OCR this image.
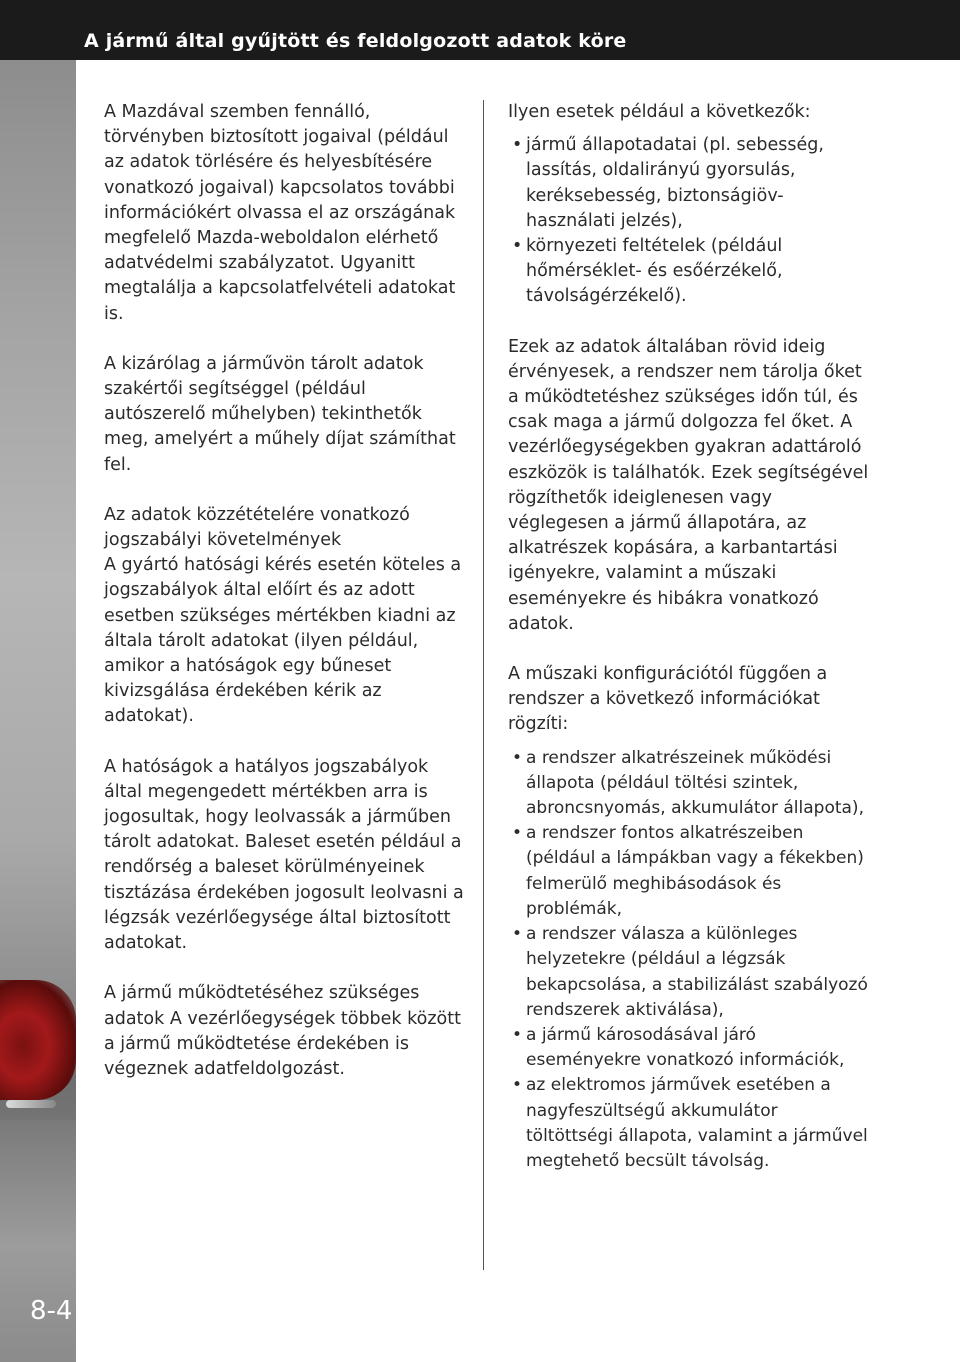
A jármű által gyűjtött és feldolgozott adatok köre
8-4

A Mazdával szemben fennálló, törvényben biztosított jogaival (például az adatok törlésére és helyesbítésére vonatkozó jogaival) kapcsolatos további információkért olvassa el az országának megfelelő Mazda-weboldalon elérhető adatvédelmi szabályzatot. Ugyanitt megtalálja a kapcsolatfelvételi adatokat is.

A kizárólag a járművön tárolt adatok szakértői segítséggel (például autószerelő műhelyben) tekinthetők meg, amelyért a műhely díjat számíthat fel.

Az adatok közzétételére vonatkozó
jogszabályi követelmények

A gyártó hatósági kérés esetén köteles a jogszabályok által előírt és az adott esetben szükséges mértékben kiadni az általa tárolt adatokat (ilyen például, amikor a hatóságok egy bűneset kivizsgálása érdekében kérik az adatokat).

A hatóságok a hatályos jogszabályok által megengedett mértékben arra is jogosultak, hogy leolvassák a járműben tárolt adatokat. Baleset esetén például a rendőrség a baleset körülményeinek tisztázása érdekében jogosult leolvasni a légzsák vezérlőegysége által biztosított adatokat.

A jármű működtetéséhez szükséges adatok A vezérlőegységek többek között a jármű működtetése érdekében is végeznek adatfeldolgozást.

Ilyen esetek például a következők:

• jármű állapotadatai (pl. sebesség, lassítás, oldalirányú gyorsulás, keréksebesség, biztonságiöv-használati jelzés),
• környezeti feltételek (például hőmérséklet- és esőérzékelő, távolságérzékelő).

Ezek az adatok általában rövid ideig érvényesek, a rendszer nem tárolja őket a működtetéshez szükséges időn túl, és csak maga a jármű dolgozza fel őket. A vezérlőegységekben gyakran adattároló eszközök is találhatók. Ezek segítségével rögzíthetők ideiglenesen vagy véglegesen a jármű állapotára, az alkatrészek kopására, a karbantartási igényekre, valamint a műszaki eseményekre és hibákra vonatkozó adatok.

A műszaki konfigurációtól függően a rendszer a következő információkat rögzíti:

• a rendszer alkatrészeinek működési állapota (például töltési szintek, abroncsnyomás, akkumulátor állapota),
• a rendszer fontos alkatrészeiben (például a lámpákban vagy a fékekben) felmerülő meghibásodások és problémák,
• a rendszer válasza a különleges helyzetekre (például a légzsák bekapcsolása, a stabilizálást szabályozó rendszerek aktiválása),
• a jármű károsodásával járó eseményekre vonatkozó információk,
• az elektromos járművek esetében a nagyfeszültségű akkumulátor töltöttségi állapota, valamint a járművel megtehető becsült távolság.
